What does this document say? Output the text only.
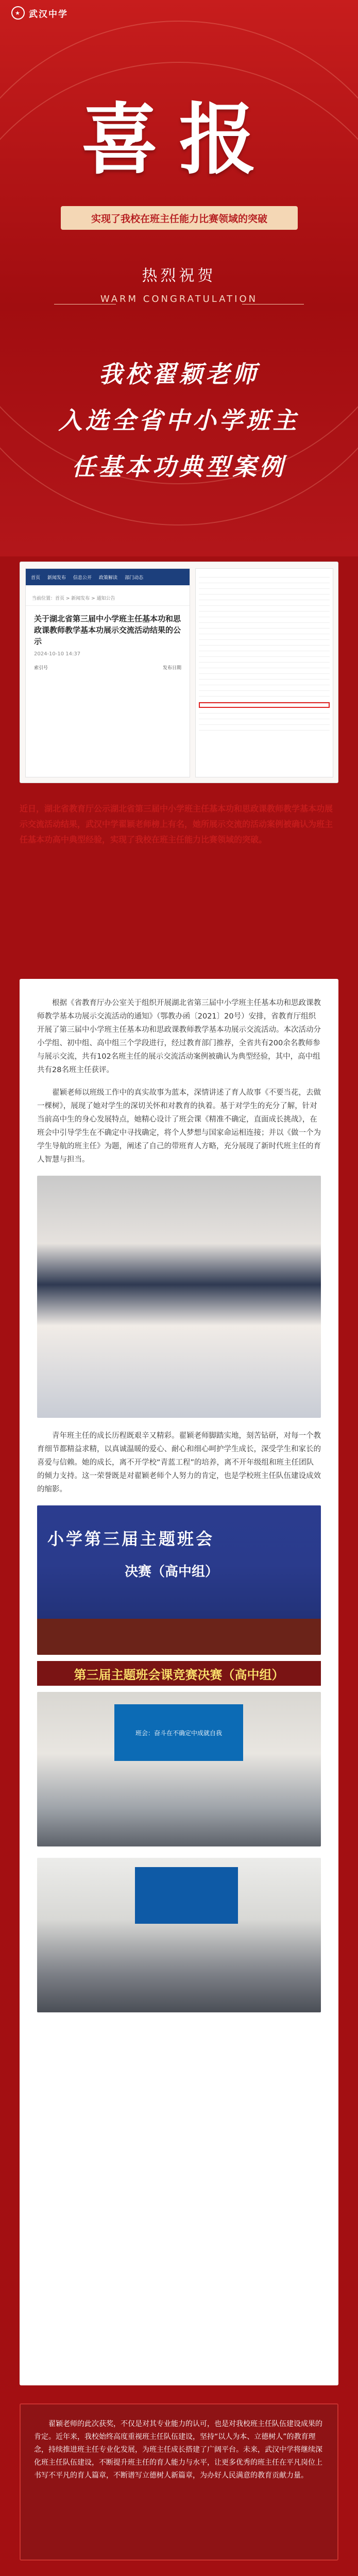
★ 武汉中学
喜报
实现了我校在班主任能力比赛领域的突破
热烈祝贺
WARM CONGRATULATION
我校翟颖老师
入选全省中小学班主
任基本功典型案例
首页 新闻发布 信息公开 政策解读 部门动态
当前位置：首页 > 新闻发布 > 通知公告
关于湖北省第三届中小学班主任基本功和思政课教师教学基本功展示交流活动结果的公示
2024-10-10 14:37
索引号	发布日期
近日，湖北省教育厅公示湖北省第三届中小学班主任基本功和思政课教师教学基本功展示交流活动结果，武汉中学翟颖老师榜上有名，她所展示交流的活动案例被确认为班主任基本功高中典型经验，实现了我校在班主任能力比赛领域的突破。

根据《省教育厅办公室关于组织开展湖北省第三届中小学班主任基本功和思政课教师教学基本功展示交流活动的通知》（鄂教办函〔2021〕20号）安排，省教育厅组织开展了第三届中小学班主任基本功和思政课教师教学基本功展示交流活动。本次活动分小学组、初中组、高中组三个学段进行，经过教育部门推荐，全省共有200余名教师参与展示交流，共有102名班主任的展示交流活动案例被确认为典型经验，其中，高中组共有28名班主任获评。

翟颖老师以班级工作中的真实故事为蓝本，深情讲述了育人故事《不要当花，去做一棵树》，展现了她对学生的深切关怀和对教育的执着。基于对学生的充分了解，针对当前高中生的身心发展特点，她精心设计了班会课《精准不确定，直面成长挑战》，在班会中引导学生在不确定中寻找确定，将个人梦想与国家命运相连接；并以《做一个为学生导航的班主任》为题，阐述了自己的带班育人方略，充分展现了新时代班主任的育人智慧与担当。

青年班主任的成长历程既艰辛又精彩。翟颖老师脚踏实地，刻苦钻研，对每一个教育细节都精益求精，以真诚温暖的爱心、耐心和细心呵护学生成长，深受学生和家长的喜爱与信赖。她的成长，离不开学校“青蓝工程”的培养，离不开年级组和班主任团队的倾力支持。这一荣誉既是对翟颖老师个人努力的肯定，也是学校班主任队伍建设成效的缩影。

小学第三届主题班会
决赛（高中组）
第三届主题班会课竞赛决赛（高中组）
班会：奋斗在不确定中成就自我

翟颖老师的此次获奖，不仅是对其专业能力的认可，也是对我校班主任队伍建设成果的肯定。近年来，我校始终高度重视班主任队伍建设，坚持“以人为本、立德树人”的教育理念，持续推进班主任专业化发展，为班主任成长搭建了广阔平台。未来，武汉中学将继续深化班主任队伍建设，不断提升班主任的育人能力与水平，让更多优秀的班主任在平凡岗位上书写不平凡的育人篇章，不断谱写立德树人新篇章，为办好人民满意的教育贡献力量。
